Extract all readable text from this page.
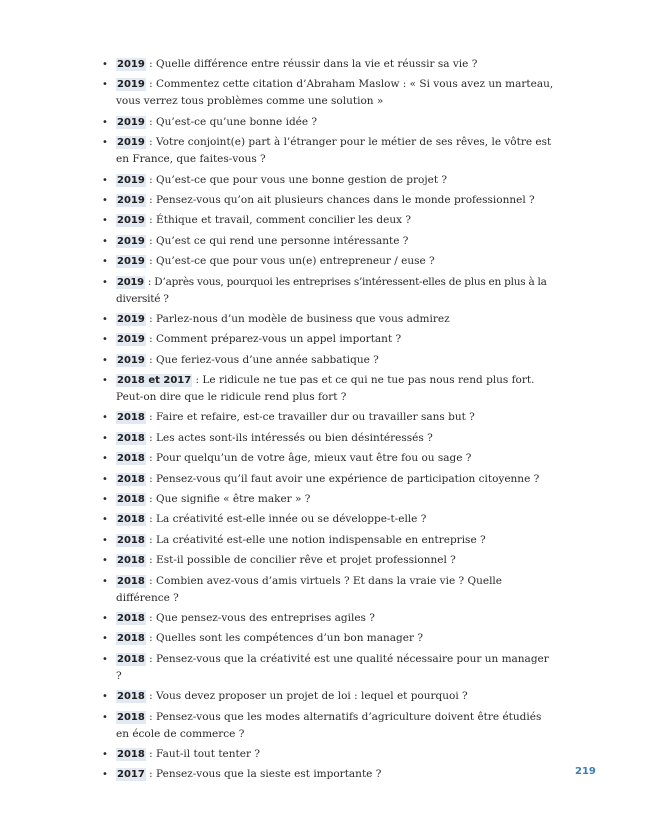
• 2019 : Quelle différence entre réussir dans la vie et réussir sa vie ?
• 2019 : Commentez cette citation d’Abraham Maslow : « Si vous avez un marteau, vous verrez tous problèmes comme une solution »
• 2019 : Qu’est-ce qu’une bonne idée ?
• 2019 : Votre conjoint(e) part à l’étranger pour le métier de ses rêves, le vôtre est en France, que faites-vous ?
• 2019 : Qu’est-ce que pour vous une bonne gestion de projet ?
• 2019 : Pensez-vous qu’on ait plusieurs chances dans le monde professionnel ?
• 2019 : Éthique et travail, comment concilier les deux ?
• 2019 : Qu’est ce qui rend une personne intéressante ?
• 2019 : Qu’est-ce que pour vous un(e) entrepreneur / euse ?
• 2019 : D’après vous, pourquoi les entreprises s’intéressent-elles de plus en plus à la diversité ?
• 2019 : Parlez-nous d’un modèle de business que vous admirez
• 2019 : Comment préparez-vous un appel important ?
• 2019 : Que feriez-vous d’une année sabbatique ?
• 2018 et 2017 : Le ridicule ne tue pas et ce qui ne tue pas nous rend plus fort. Peut-on dire que le ridicule rend plus fort ?
• 2018 : Faire et refaire, est-ce travailler dur ou travailler sans but ?
• 2018 : Les actes sont-ils intéressés ou bien désintéressés ?
• 2018 : Pour quelqu’un de votre âge, mieux vaut être fou ou sage ?
• 2018 : Pensez-vous qu’il faut avoir une expérience de participation citoyenne ?
• 2018 : Que signifie « être maker » ?
• 2018 : La créativité est-elle innée ou se développe-t-elle ?
• 2018 : La créativité est-elle une notion indispensable en entreprise ?
• 2018 : Est-il possible de concilier rêve et projet professionnel ?
• 2018 : Combien avez-vous d’amis virtuels ? Et dans la vraie vie ? Quelle différence ?
• 2018 : Que pensez-vous des entreprises agiles ?
• 2018 : Quelles sont les compétences d’un bon manager ?
• 2018 : Pensez-vous que la créativité est une qualité nécessaire pour un manager ?
• 2018 : Vous devez proposer un projet de loi : lequel et pourquoi ?
• 2018 : Pensez-vous que les modes alternatifs d’agriculture doivent être étudiés en école de commerce ?
• 2018 : Faut-il tout tenter ?
• 2017 : Pensez-vous que la sieste est importante ?	219
